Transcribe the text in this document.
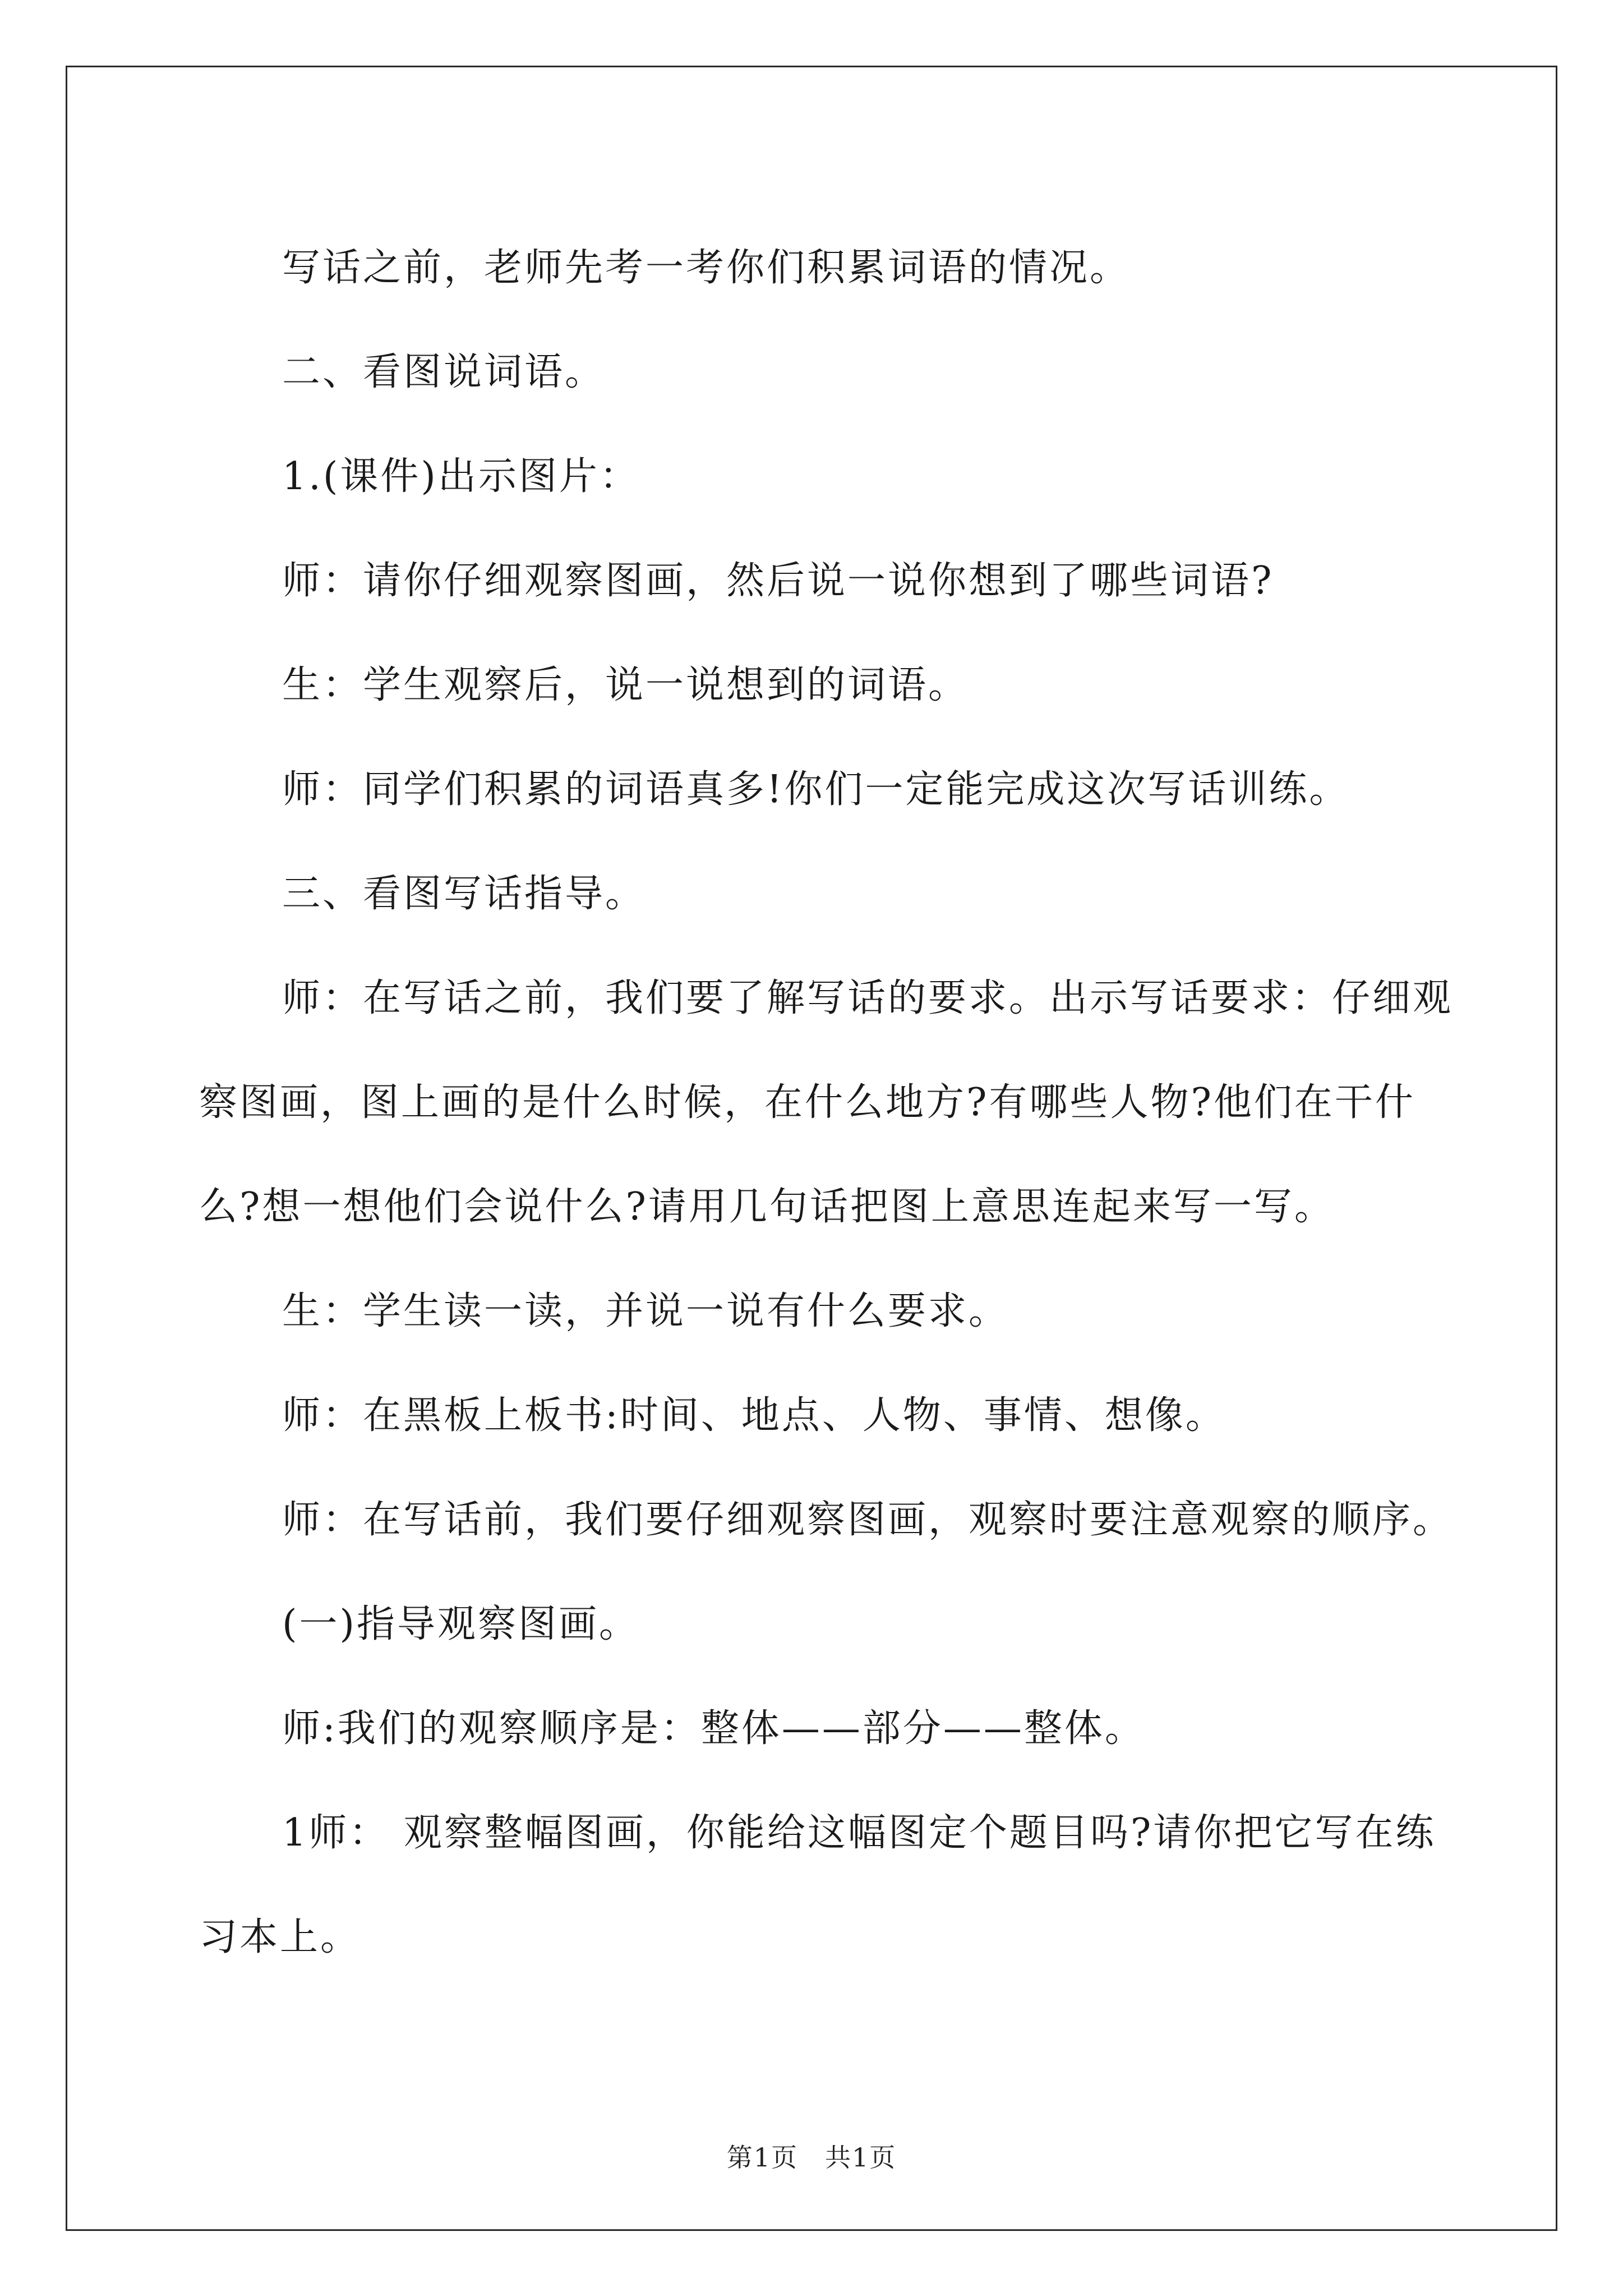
写话之前，老师先考一考你们积累词语的情况。

二、看图说词语。

1.(课件)出示图片：

师：请你仔细观察图画，然后说一说你想到了哪些词语?

生：学生观察后，说一说想到的词语。

师：同学们积累的词语真多!你们一定能完成这次写话训练。

三、看图写话指导。

师：在写话之前，我们要了解写话的要求。出示写话要求：仔细观察图画，图上画的是什么时候，在什么地方?有哪些人物?他们在干什么?想一想他们会说什么?请用几句话把图上意思连起来写一写。

生：学生读一读，并说一说有什么要求。

师：在黑板上板书:时间、地点、人物、事情、想像。

师：在写话前，我们要仔细观察图画，观察时要注意观察的顺序。

(一)指导观察图画。

师:我们的观察顺序是：整体——部分——整体。

1师： 观察整幅图画，你能给这幅图定个题目吗?请你把它写在练习本上。

第1页　共1页
